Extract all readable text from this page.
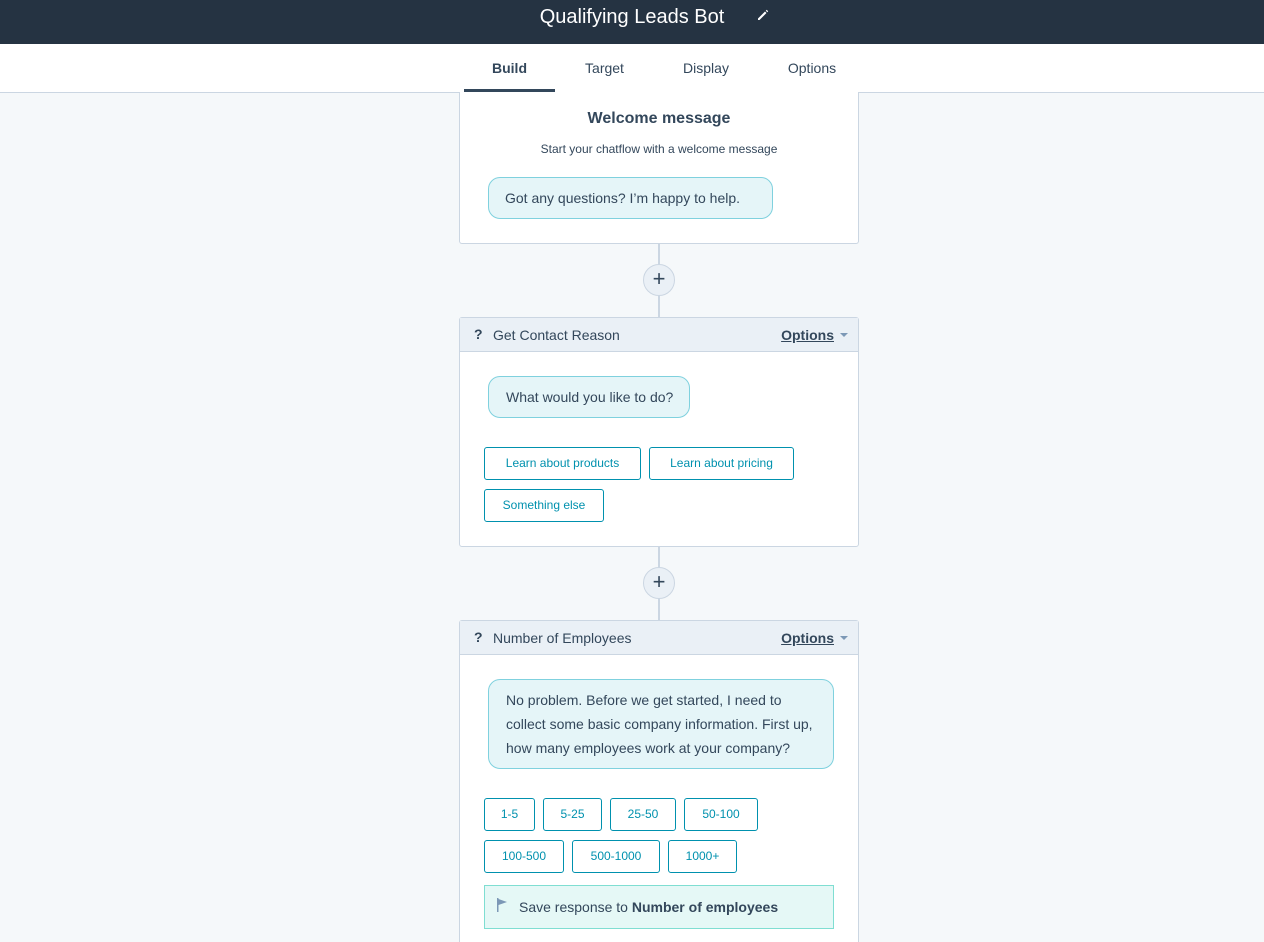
Qualifying Leads Bot
Build	Target	Display	Options
Welcome message
Start your chatflow with a welcome message
Got any questions? I’m happy to help.
+
? Get Contact Reason	Options
What would you like to do?
Learn about products	Learn about pricing
Something else
+
? Number of Employees	Options
No problem. Before we get started, I need to
collect some basic company information. First up,
how many employees work at your company?
1-5	5-25	25-50	50-100
100-500	500-1000	1000+
Save response to Number of employees
